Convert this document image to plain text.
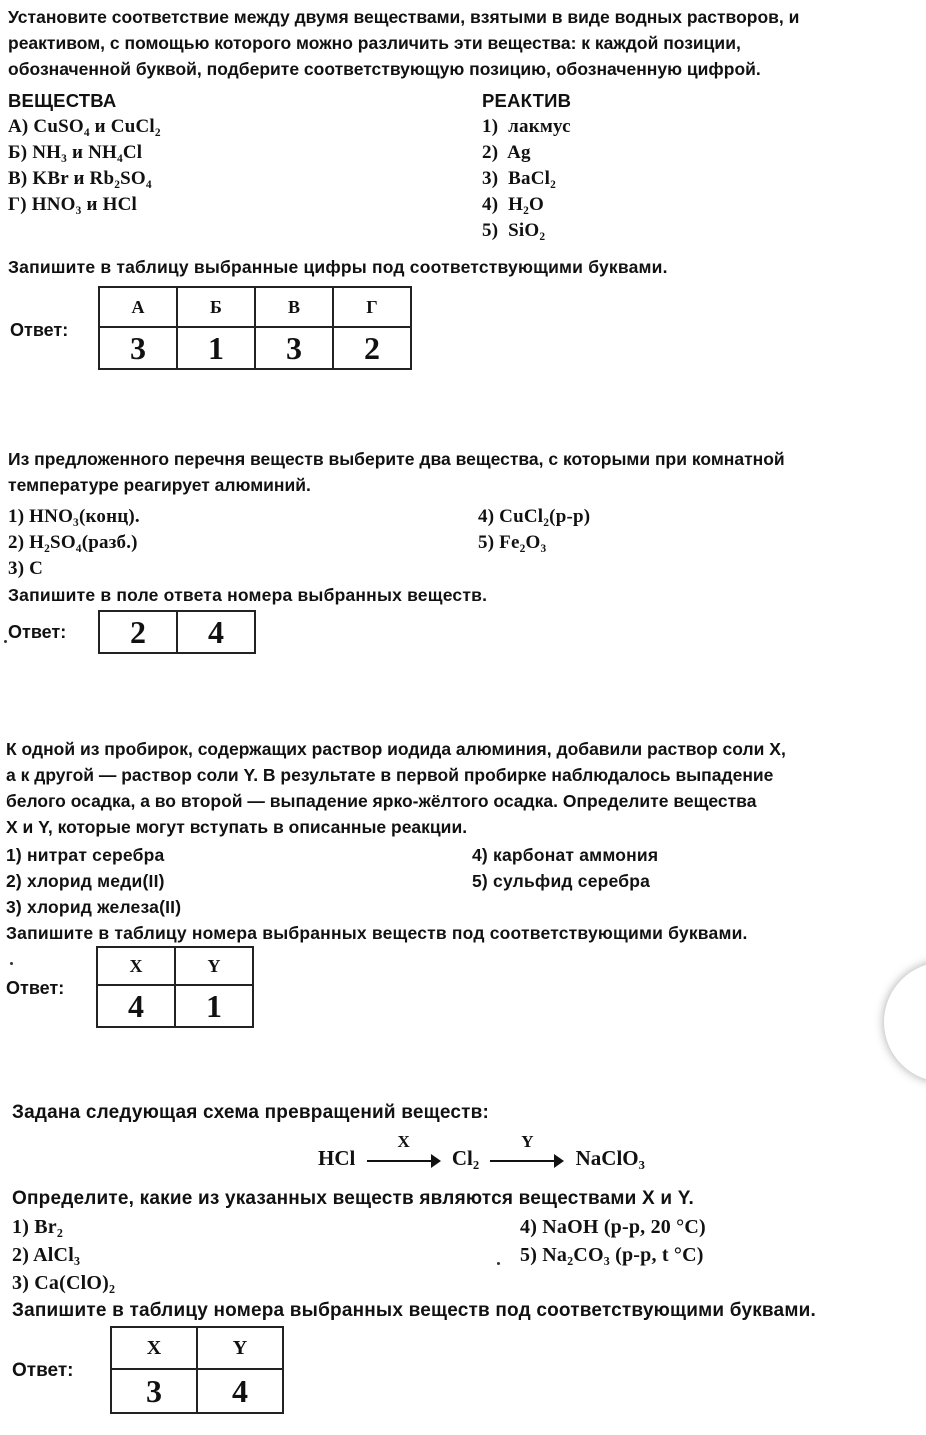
Установите соответствие между двумя веществами, взятыми в виде водных растворов, и
реактивом, с помощью которого можно различить эти вещества: к каждой позиции,
обозначенной буквой, подберите соответствующую позицию, обозначенную цифрой.
ВЕЩЕСТВА	РЕАКТИВ
А) CuSO₄ и CuCl₂
Б) NH₃ и NH₄Cl
В) KBr и Rb₂SO₄
Г) HNO₃ и HCl
1) лакмус
2) Ag
3) BaCl₂
4) H₂O
5) SiO₂
Запишите в таблицу выбранные цифры под соответствующими буквами.
Ответ:
А	Б	В	Г
3	1	3	2
Из предложенного перечня веществ выберите два вещества, с которыми при комнатной
температуре реагирует алюминий.
1) HNO₃(конц).
2) H₂SO₄(разб.)
3) C
4) CuCl₂(р-р)
5) Fe₂O₃
Запишите в поле ответа номера выбранных веществ.
Ответ: 2	4
К одной из пробирок, содержащих раствор иодида алюминия, добавили раствор соли X,
а к другой — раствор соли Y. В результате в первой пробирке наблюдалось выпадение
белого осадка, а во второй — выпадение ярко-жёлтого осадка. Определите вещества
X и Y, которые могут вступать в описанные реакции.
1) нитрат серебра
2) хлорид меди(II)
3) хлорид железа(II)
4) карбонат аммония
5) сульфид серебра
Запишите в таблицу номера выбранных веществ под соответствующими буквами.
Ответ:
X	Y
4	1
Задана следующая схема превращений веществ:
HCl
X
Cl₂
Y
NaClO₃
Определите, какие из указанных веществ являются веществами X и Y.
1) Br₂
2) AlCl₃
3) Ca(ClO)₂
4) NaOH (р-р, 20 °C)
5) Na₂CO₃ (р-р, t °C)
Запишите в таблицу номера выбранных веществ под соответствующими буквами.
Ответ:
X	Y
3	4
